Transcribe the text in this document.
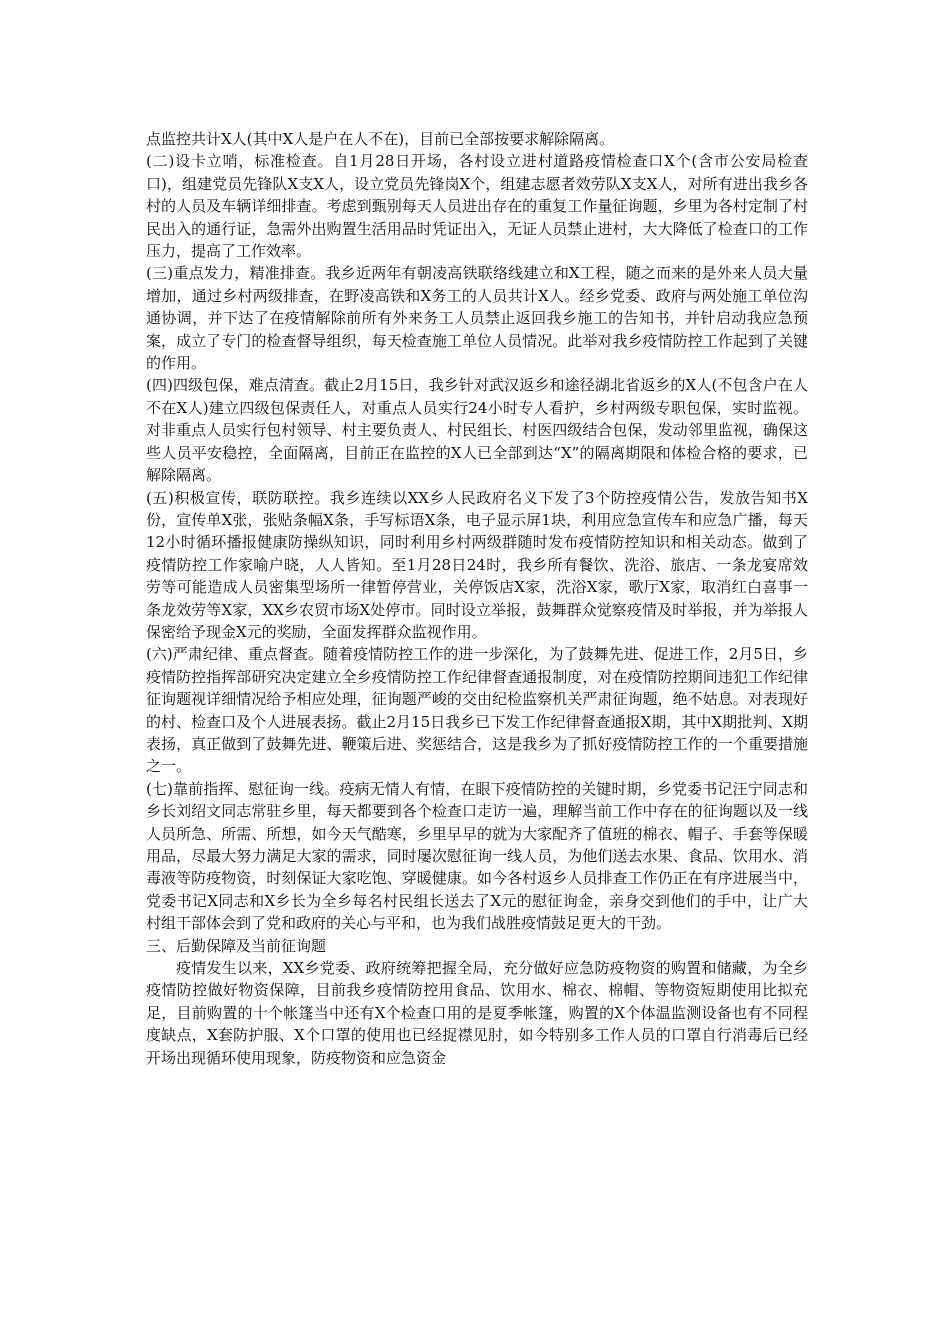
点监控共计X人(其中X人是户在人不在)，目前已全部按要求解除隔离。

(二)设卡立哨，标准检查。自1月28日开场，各村设立进村道路疫情检查口X个(含市公安局检查口)，组建党员先锋队X支X人，设立党员先锋岗X个，组建志愿者效劳队X支X人，对所有进出我乡各村的人员及车辆详细排查。考虑到甄别每天人员进出存在的重复工作量征询题，乡里为各村定制了村民出入的通行证，急需外出购置生活用品时凭证出入，无证人员禁止进村，大大降低了检查口的工作压力，提高了工作效率。

(三)重点发力，精准排查。我乡近两年有朝凌高铁联络线建立和X工程，随之而来的是外来人员大量增加，通过乡村两级排查，在野凌高铁和X务工的人员共计X人。经乡党委、政府与两处施工单位沟通协调，并下达了在疫情解除前所有外来务工人员禁止返回我乡施工的告知书，并针启动我应急预案，成立了专门的检查督导组织，每天检查施工单位人员情况。此举对我乡疫情防控工作起到了关键的作用。

(四)四级包保，难点清查。截止2月15日，我乡针对武汉返乡和途径湖北省返乡的X人(不包含户在人不在X人)建立四级包保责任人，对重点人员实行24小时专人看护，乡村两级专职包保，实时监视。对非重点人员实行包村领导、村主要负责人、村民组长、村医四级结合包保，发动邻里监视，确保这些人员平安稳控，全面隔离，目前正在监控的X人已全部到达“X”的隔离期限和体检合格的要求，已解除隔离。

(五)积极宣传，联防联控。我乡连续以XX乡人民政府名义下发了3个防控疫情公告，发放告知书X份，宣传单X张，张贴条幅X条，手写标语X条，电子显示屏1块，利用应急宣传车和应急广播，每天12小时循环播报健康防操纵知识，同时利用乡村两级群随时发布疫情防控知识和相关动态。做到了疫情防控工作家喻户晓，人人皆知。至1月28日24时，我乡所有餐饮、洗浴、旅店、一条龙宴席效劳等可能造成人员密集型场所一律暂停营业，关停饭店X家，洗浴X家，歌厅X家，取消红白喜事一条龙效劳等X家，XX乡农贸市场X处停市。同时设立举报，鼓舞群众觉察疫情及时举报，并为举报人保密给予现金X元的奖励，全面发挥群众监视作用。

(六)严肃纪律、重点督查。随着疫情防控工作的进一步深化，为了鼓舞先进、促进工作，2月5日，乡疫情防控指挥部研究决定建立全乡疫情防控工作纪律督查通报制度，对在疫情防控期间违犯工作纪律征询题视详细情况给予相应处理，征询题严峻的交由纪检监察机关严肃征询题，绝不姑息。对表现好的村、检查口及个人进展表扬。截止2月15日我乡已下发工作纪律督查通报X期，其中X期批判、X期表扬，真正做到了鼓舞先进、鞭策后进、奖惩结合，这是我乡为了抓好疫情防控工作的一个重要措施之一。

(七)靠前指挥、慰征询一线。疫病无情人有情，在眼下疫情防控的关键时期，乡党委书记汪宁同志和乡长刘绍文同志常驻乡里，每天都要到各个检查口走访一遍，理解当前工作中存在的征询题以及一线人员所急、所需、所想，如今天气酷寒，乡里早早的就为大家配齐了值班的棉衣、帽子、手套等保暖用品，尽最大努力满足大家的需求，同时屡次慰征询一线人员，为他们送去水果、食品、饮用水、消毒液等防疫物资，时刻保证大家吃饱、穿暖健康。如今各村返乡人员排查工作仍正在有序进展当中，党委书记X同志和X乡长为全乡每名村民组长送去了X元的慰征询金，亲身交到他们的手中，让广大村组干部体会到了党和政府的关心与平和，也为我们战胜疫情鼓足更大的干劲。

三、后勤保障及当前征询题

疫情发生以来，XX乡党委、政府统筹把握全局，充分做好应急防疫物资的购置和储藏，为全乡疫情防控做好物资保障，目前我乡疫情防控用食品、饮用水、棉衣、棉帽、等物资短期使用比拟充足，目前购置的十个帐篷当中还有X个检查口用的是夏季帐篷，购置的X个体温监测设备也有不同程度缺点，X套防护服、X个口罩的使用也已经捉襟见肘，如今特别多工作人员的口罩自行消毒后已经开场出现循环使用现象，防疫物资和应急资金
